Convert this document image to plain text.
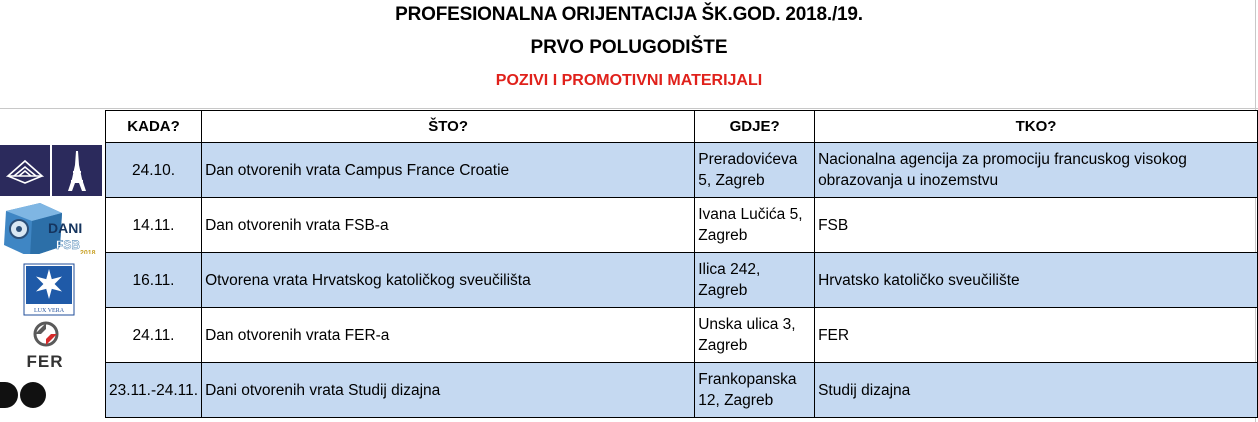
PROFESIONALNA ORIJENTACIJA ŠK.GOD. 2018./19.
PRVO POLUGODIŠTE
POZIVI I PROMOTIVNI MATERIJALI
DANI
FSB
2018
LUX VERA
FER
KADA?	ŠTO?	GDJE?	TKO?
24.10.	Dan otvorenih vrata Campus France Croatie	Preradovićeva 5, Zagreb	Nacionalna agencija za promociju francuskog visokog obrazovanja u inozemstvu
14.11.	Dan otvorenih vrata FSB-a	Ivana Lučića 5, Zagreb	FSB
16.11.	Otvorena vrata Hrvatskog katoličkog sveučilišta	Ilica 242, Zagreb	Hrvatsko katoličko sveučilište
24.11.	Dan otvorenih vrata FER-a	Unska ulica 3, Zagreb	FER
23.11.-24.11.	Dani otvorenih vrata Studij dizajna	Frankopanska 12, Zagreb	Studij dizajna
